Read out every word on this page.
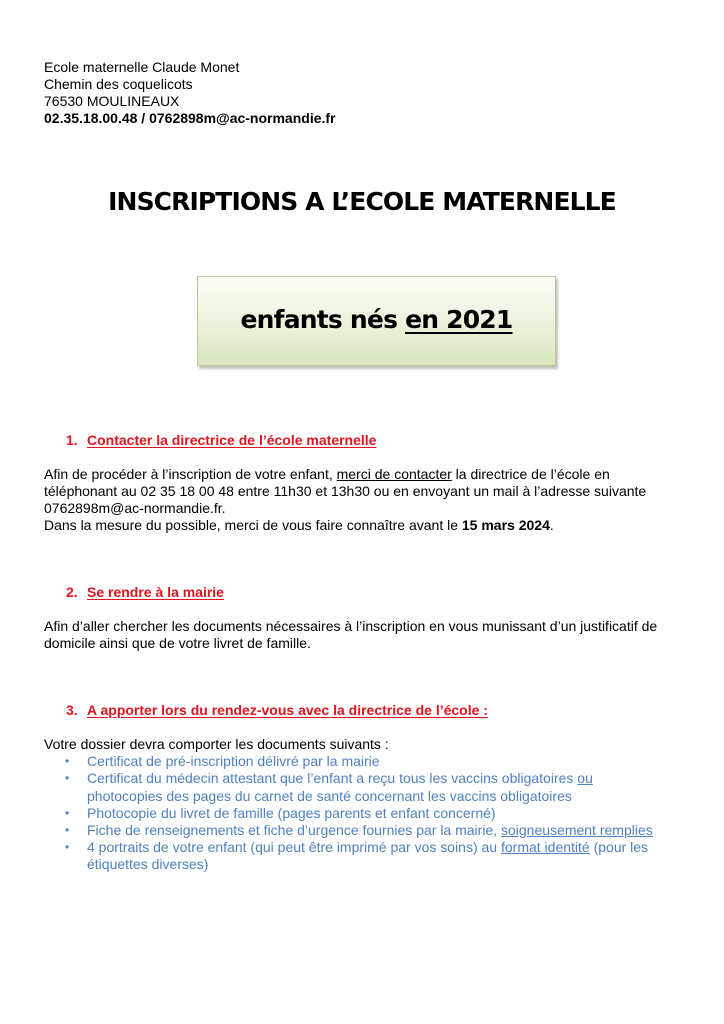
Ecole maternelle Claude Monet
Chemin des coquelicots
76530 MOULINEAUX
02.35.18.00.48 / 0762898m@ac-normandie.fr
INSCRIPTIONS A L’ECOLE MATERNELLE
enfants nés en 2021
1. Contacter la directrice de l’école maternelle
Afin de procéder à l’inscription de votre enfant, merci de contacter la directrice de l’école en
téléphonant au 02 35 18 00 48 entre 11h30 et 13h30 ou en envoyant un mail à l’adresse suivante
0762898m@ac-normandie.fr.
Dans la mesure du possible, merci de vous faire connaître avant le 15 mars 2024.
2. Se rendre à la mairie
Afin d’aller chercher les documents nécessaires à l’inscription en vous munissant d’un justificatif de
domicile ainsi que de votre livret de famille.
3. A apporter lors du rendez-vous avec la directrice de l’école :
Votre dossier devra comporter les documents suivants :
• Certificat de pré-inscription délivré par la mairie
• Certificat du médecin attestant que l’enfant a reçu tous les vaccins obligatoires ou
photocopies des pages du carnet de santé concernant les vaccins obligatoires
• Photocopie du livret de famille (pages parents et enfant concerné)
• Fiche de renseignements et fiche d’urgence fournies par la mairie, soigneusement remplies
• 4 portraits de votre enfant (qui peut être imprimé par vos soins) au format identité (pour les
étiquettes diverses)
